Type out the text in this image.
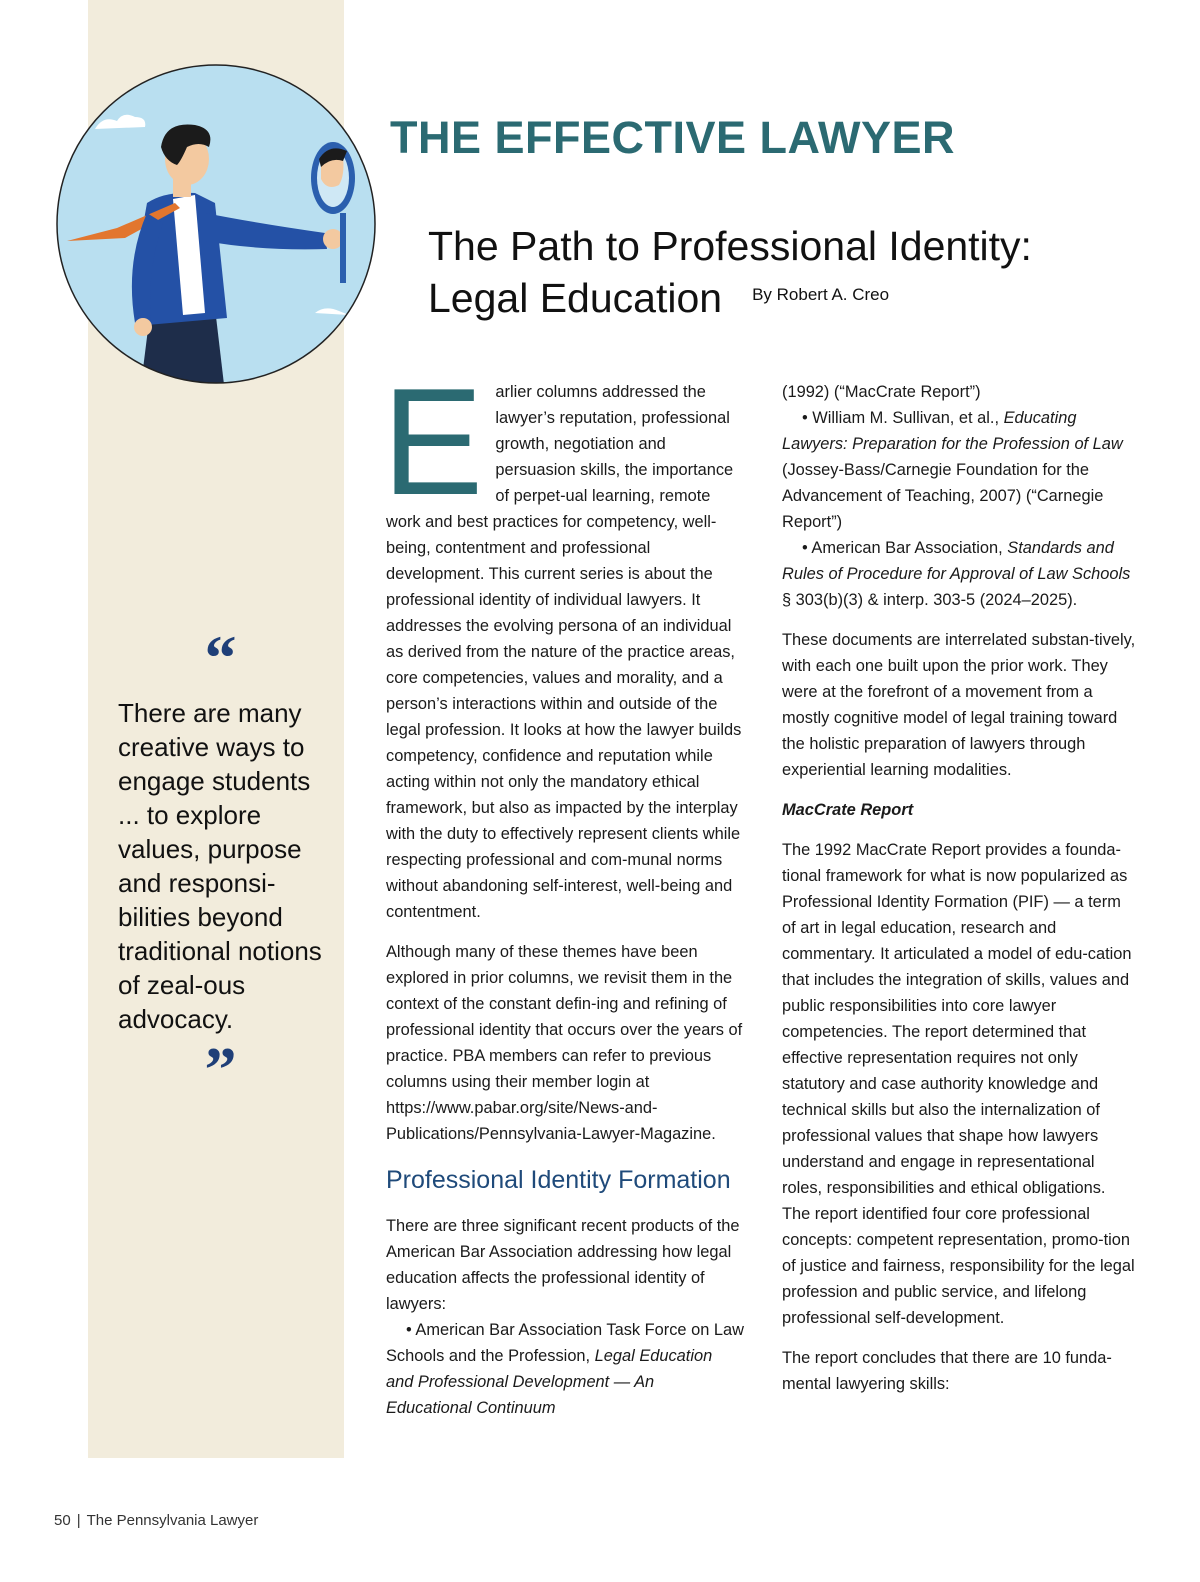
THE EFFECTIVE LAWYER
The Path to Professional Identity:
Legal Education By Robert A. Creo
“
There are many creative ways to engage students ... to explore values, purpose and responsi-bilities beyond traditional notions of zeal-ous advocacy.
”

Earlier columns addressed the lawyer’s reputation, professional growth, negotiation and persuasion skills, the importance of perpet-ual learning, remote work and best practices for competency, well-being, contentment and professional development. This current series is about the professional identity of individual lawyers. It addresses the evolving persona of an individual as derived from the nature of the practice areas, core competencies, values and morality, and a person’s interactions within and outside of the legal profession. It looks at how the lawyer builds competency, confidence and reputation while acting within not only the mandatory ethical framework, but also as impacted by the interplay with the duty to effectively represent clients while respecting professional and com-munal norms without abandoning self-interest, well-being and contentment.

Although many of these themes have been explored in prior columns, we revisit them in the context of the constant defin-ing and refining of professional identity that occurs over the years of practice. PBA members can refer to previous columns using their member login at https://www.pabar.org/site/News-and-Publications/Pennsylvania-Lawyer-Magazine.

Professional Identity Formation

There are three significant recent products of the American Bar Association addressing how legal education affects the professional identity of lawyers:

• American Bar Association Task Force on Law Schools and the Profession, Legal Education and Professional Development — An Educational Continuum

(1992) (“MacCrate Report”)

• William M. Sullivan, et al., Educating Lawyers: Preparation for the Profession of Law (Jossey-Bass/Carnegie Foundation for the Advancement of Teaching, 2007) (“Carnegie Report”)
• American Bar Association, Standards and Rules of Procedure for Approval of Law Schools § 303(b)(3) & interp. 303-5 (2024–2025).

These documents are interrelated substan-tively, with each one built upon the prior work. They were at the forefront of a movement from a mostly cognitive model of legal training toward the holistic preparation of lawyers through experiential learning modalities.

MacCrate Report

The 1992 MacCrate Report provides a founda-tional framework for what is now popularized as Professional Identity Formation (PIF) — a term of art in legal education, research and commentary. It articulated a model of edu-cation that includes the integration of skills, values and public responsibilities into core lawyer competencies. The report determined that effective representation requires not only statutory and case authority knowledge and technical skills but also the internalization of professional values that shape how lawyers understand and engage in representational roles, responsibilities and ethical obligations. The report identified four core professional concepts: competent representation, promo-tion of justice and fairness, responsibility for the legal profession and public service, and lifelong professional self-development.

The report concludes that there are 10 funda-mental lawyering skills:

50 | The Pennsylvania Lawyer
